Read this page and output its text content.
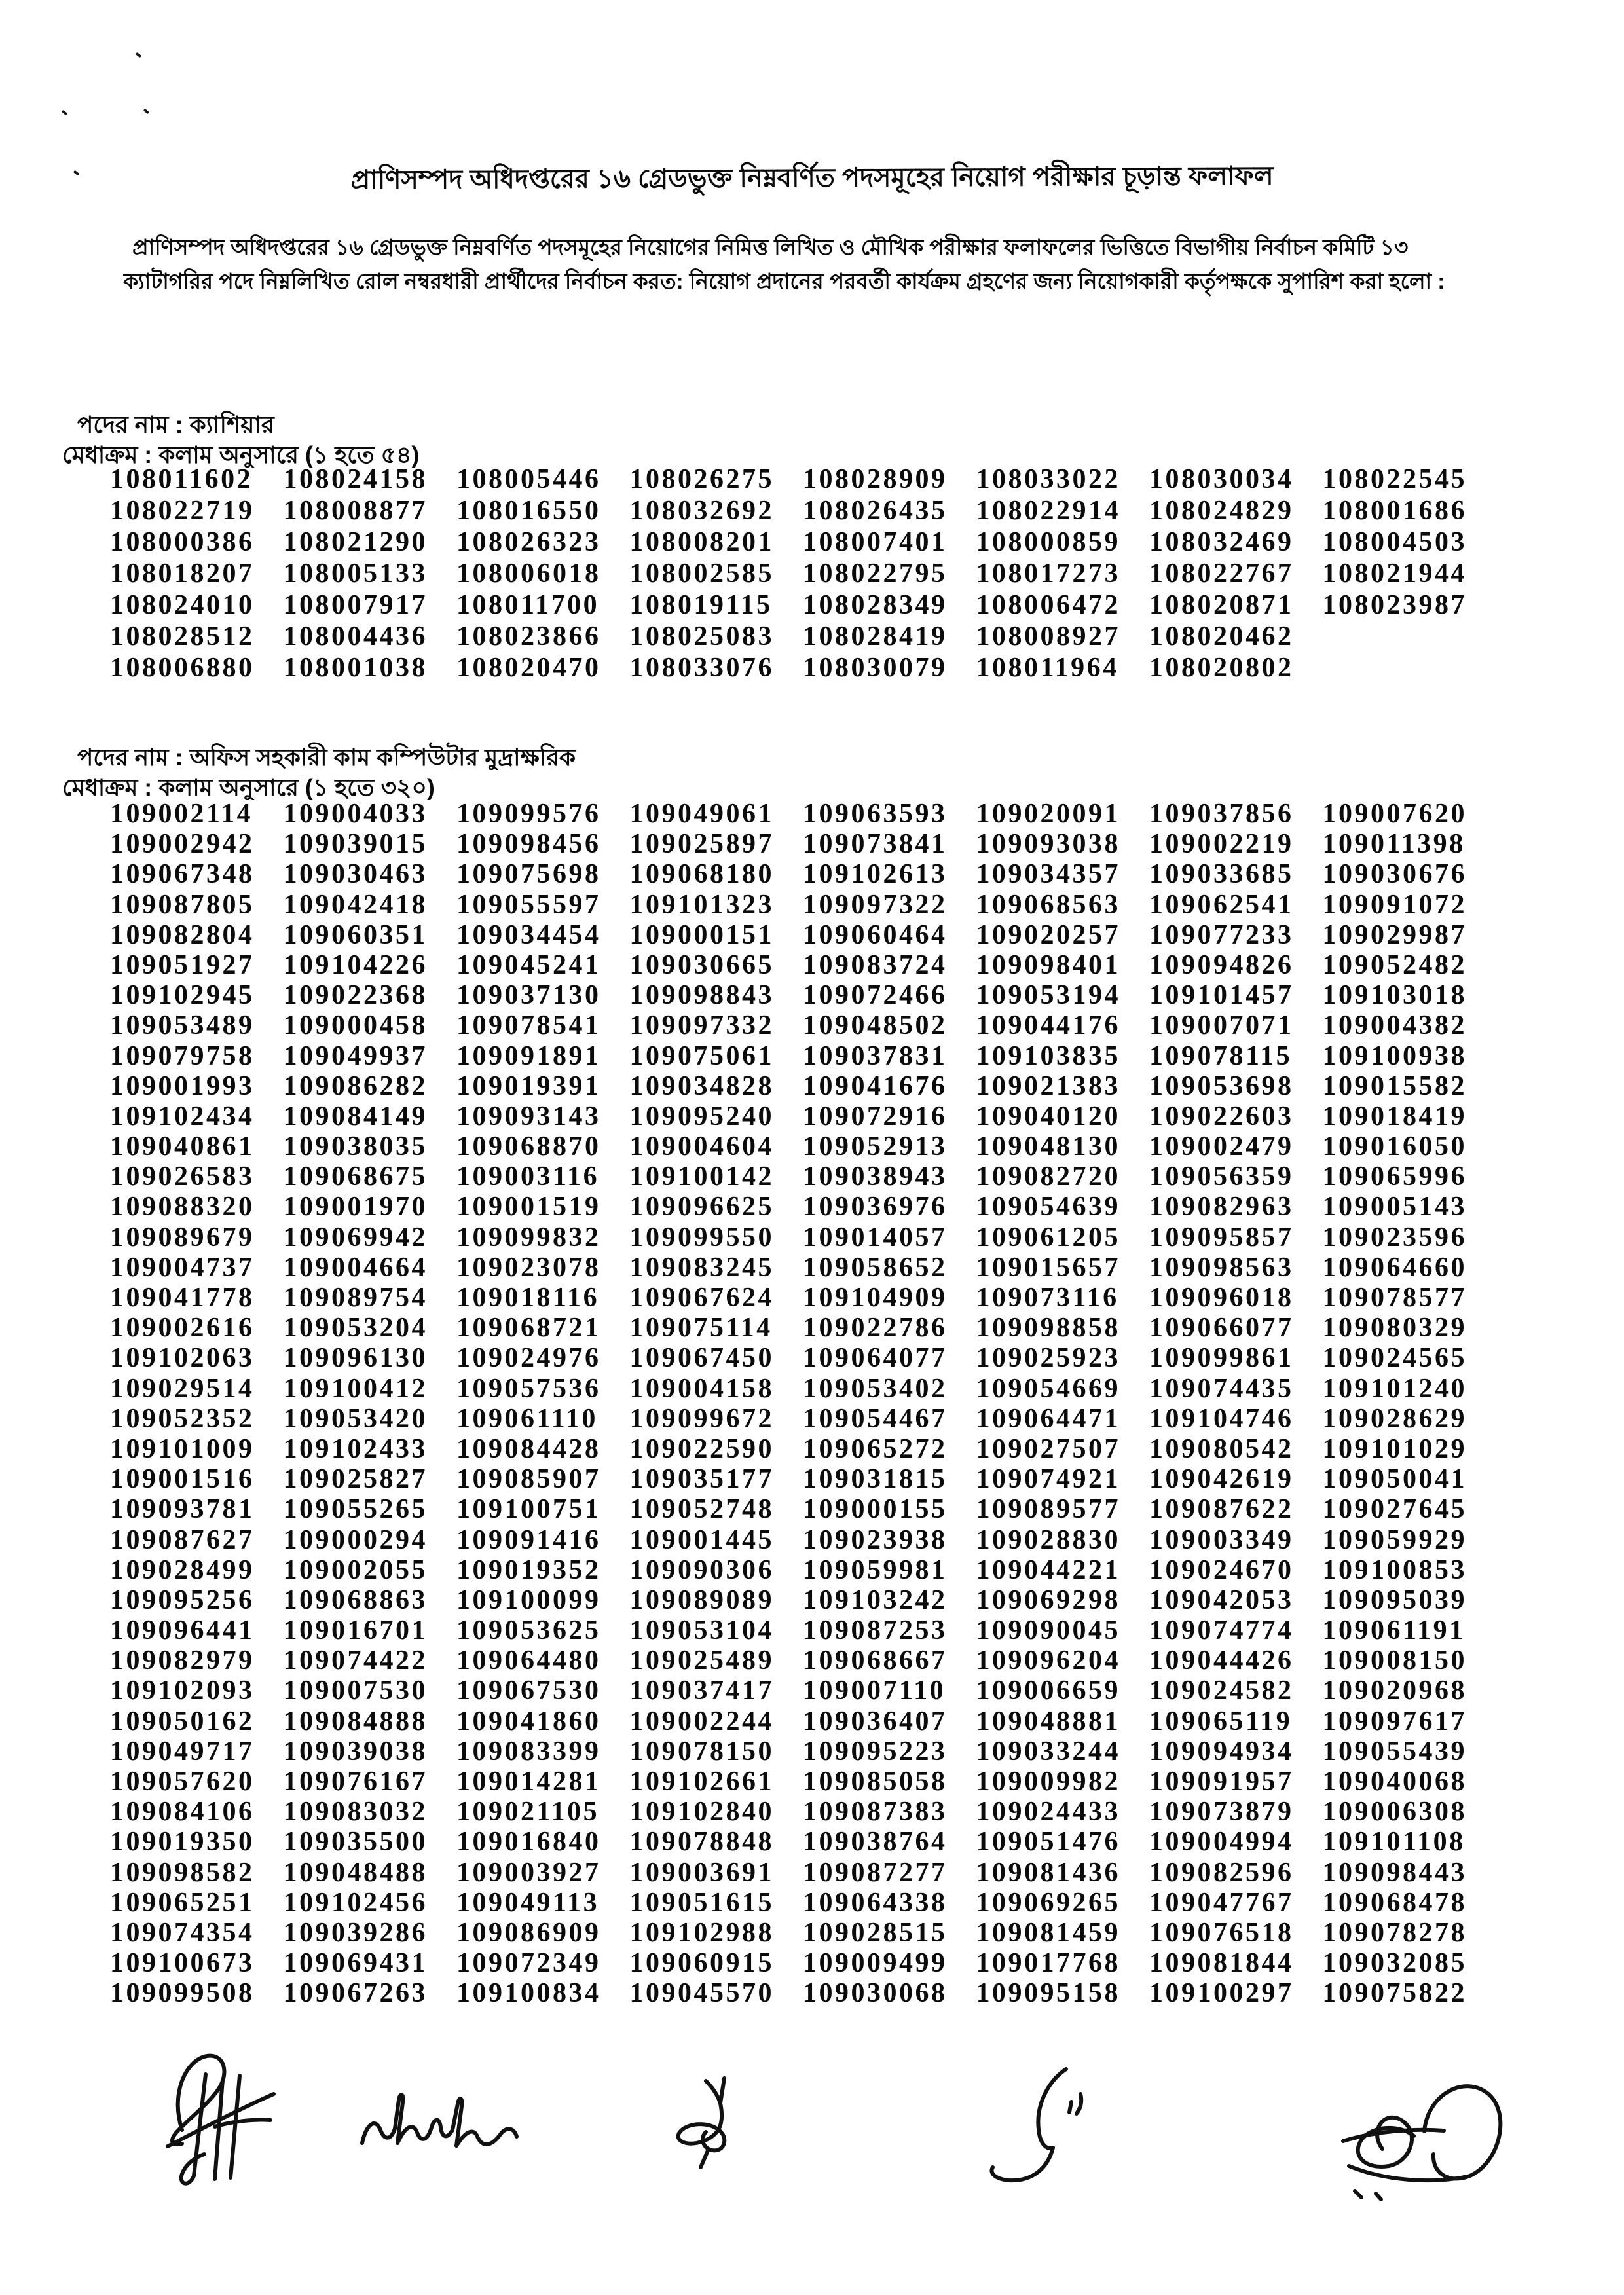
প্রাণিসম্পদ অধিদপ্তরের ১৬ গ্রেডভুক্ত নিম্নবর্ণিত পদসমূহের নিয়োগ পরীক্ষার চূড়ান্ত ফলাফল
প্রাণিসম্পদ অধিদপ্তরের ১৬ গ্রেডভুক্ত নিম্নবর্ণিত পদসমূহের নিয়োগের নিমিত্ত লিখিত ও মৌখিক পরীক্ষার ফলাফলের ভিত্তিতে বিভাগীয় নির্বাচন কমিটি ১৩
ক্যাটাগরির পদে নিম্নলিখিত রোল নম্বরধারী প্রার্থীদের নির্বাচন করত: নিয়োগ প্রদানের পরবর্তী কার্যক্রম গ্রহণের জন্য নিয়োগকারী কর্তৃপক্ষকে সুপারিশ করা হলো :
পদের নাম : ক্যাশিয়ার
মেধাক্রম : কলাম অনুসারে (১ হতে ৫৪)
108011602	108024158	108005446	108026275	108028909	108033022	108030034	108022545
108022719	108008877	108016550	108032692	108026435	108022914	108024829	108001686
108000386	108021290	108026323	108008201	108007401	108000859	108032469	108004503
108018207	108005133	108006018	108002585	108022795	108017273	108022767	108021944
108024010	108007917	108011700	108019115	108028349	108006472	108020871	108023987
108028512	108004436	108023866	108025083	108028419	108008927	108020462
108006880	108001038	108020470	108033076	108030079	108011964	108020802
পদের নাম : অফিস সহকারী কাম কম্পিউটার মুদ্রাক্ষরিক
মেধাক্রম : কলাম অনুসারে (১ হতে ৩২০)
109002114	109004033	109099576	109049061	109063593	109020091	109037856	109007620
109002942	109039015	109098456	109025897	109073841	109093038	109002219	109011398
109067348	109030463	109075698	109068180	109102613	109034357	109033685	109030676
109087805	109042418	109055597	109101323	109097322	109068563	109062541	109091072
109082804	109060351	109034454	109000151	109060464	109020257	109077233	109029987
109051927	109104226	109045241	109030665	109083724	109098401	109094826	109052482
109102945	109022368	109037130	109098843	109072466	109053194	109101457	109103018
109053489	109000458	109078541	109097332	109048502	109044176	109007071	109004382
109079758	109049937	109091891	109075061	109037831	109103835	109078115	109100938
109001993	109086282	109019391	109034828	109041676	109021383	109053698	109015582
109102434	109084149	109093143	109095240	109072916	109040120	109022603	109018419
109040861	109038035	109068870	109004604	109052913	109048130	109002479	109016050
109026583	109068675	109003116	109100142	109038943	109082720	109056359	109065996
109088320	109001970	109001519	109096625	109036976	109054639	109082963	109005143
109089679	109069942	109099832	109099550	109014057	109061205	109095857	109023596
109004737	109004664	109023078	109083245	109058652	109015657	109098563	109064660
109041778	109089754	109018116	109067624	109104909	109073116	109096018	109078577
109002616	109053204	109068721	109075114	109022786	109098858	109066077	109080329
109102063	109096130	109024976	109067450	109064077	109025923	109099861	109024565
109029514	109100412	109057536	109004158	109053402	109054669	109074435	109101240
109052352	109053420	109061110	109099672	109054467	109064471	109104746	109028629
109101009	109102433	109084428	109022590	109065272	109027507	109080542	109101029
109001516	109025827	109085907	109035177	109031815	109074921	109042619	109050041
109093781	109055265	109100751	109052748	109000155	109089577	109087622	109027645
109087627	109000294	109091416	109001445	109023938	109028830	109003349	109059929
109028499	109002055	109019352	109090306	109059981	109044221	109024670	109100853
109095256	109068863	109100099	109089089	109103242	109069298	109042053	109095039
109096441	109016701	109053625	109053104	109087253	109090045	109074774	109061191
109082979	109074422	109064480	109025489	109068667	109096204	109044426	109008150
109102093	109007530	109067530	109037417	109007110	109006659	109024582	109020968
109050162	109084888	109041860	109002244	109036407	109048881	109065119	109097617
109049717	109039038	109083399	109078150	109095223	109033244	109094934	109055439
109057620	109076167	109014281	109102661	109085058	109009982	109091957	109040068
109084106	109083032	109021105	109102840	109087383	109024433	109073879	109006308
109019350	109035500	109016840	109078848	109038764	109051476	109004994	109101108
109098582	109048488	109003927	109003691	109087277	109081436	109082596	109098443
109065251	109102456	109049113	109051615	109064338	109069265	109047767	109068478
109074354	109039286	109086909	109102988	109028515	109081459	109076518	109078278
109100673	109069431	109072349	109060915	109009499	109017768	109081844	109032085
109099508	109067263	109100834	109045570	109030068	109095158	109100297	109075822
